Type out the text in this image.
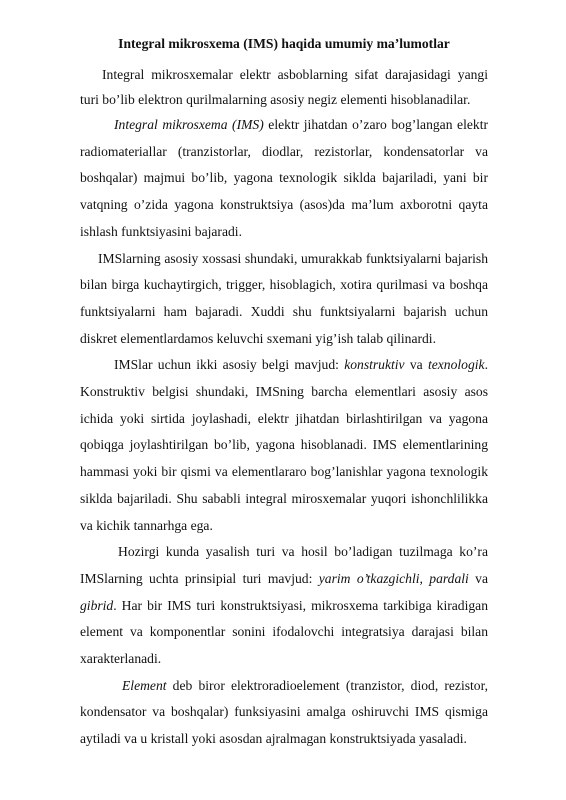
Integral mikrosxema (IMS) haqida umumiy ma’lumotlar

Integral mikrosxemalar elektr asboblarning sifat darajasidagi yangi turi bo’lib elektron qurilmalarning asosiy negiz elementi hisoblanadilar.

Integral mikrosxema (IMS) elektr jihatdan o’zaro bog’langan elektr radiomateriallar (tranzistorlar, diodlar, rezistorlar, kondensatorlar va boshqalar) majmui bo’lib, yagona texnologik siklda bajariladi, yani bir vatqning o’zida yagona konstruktsiya (asos)da ma’lum axborotni qayta ishlash funktsiyasini bajaradi.

IMSlarning asosiy xossasi shundaki, umurakkab funktsiyalarni bajarish bilan birga kuchaytirgich, trigger, hisoblagich, xotira qurilmasi va boshqa funktsiyalarni ham bajaradi. Xuddi shu funktsiyalarni bajarish uchun diskret elementlardamos keluvchi sxemani yig’ish talab qilinardi.

IMSlar uchun ikki asosiy belgi mavjud: konstruktiv va texnologik. Konstruktiv belgisi shundaki, IMSning barcha elementlari asosiy asos ichida yoki sirtida joylashadi, elektr jihatdan birlashtirilgan va yagona qobiqga joylashtirilgan bo’lib, yagona hisoblanadi. IMS elementlarining hammasi yoki bir qismi va elementlararo bog’lanishlar yagona texnologik siklda bajariladi. Shu sababli integral mirosxemalar yuqori ishonchlilikka va kichik tannarhga ega.

Hozirgi kunda yasalish turi va hosil bo’ladigan tuzilmaga ko’ra IMSlarning uchta prinsipial turi mavjud: yarim o’tkazgichli, pardali va gibrid. Har bir IMS turi konstruktsiyasi, mikrosxema tarkibiga kiradigan element va komponentlar sonini ifodalovchi integratsiya darajasi bilan xarakterlanadi.

Element deb biror elektroradioelement (tranzistor, diod, rezistor, kondensator va boshqalar) funksiyasini amalga oshiruvchi IMS qismiga aytiladi va u kristall yoki asosdan ajralmagan konstruktsiyada yasaladi.
